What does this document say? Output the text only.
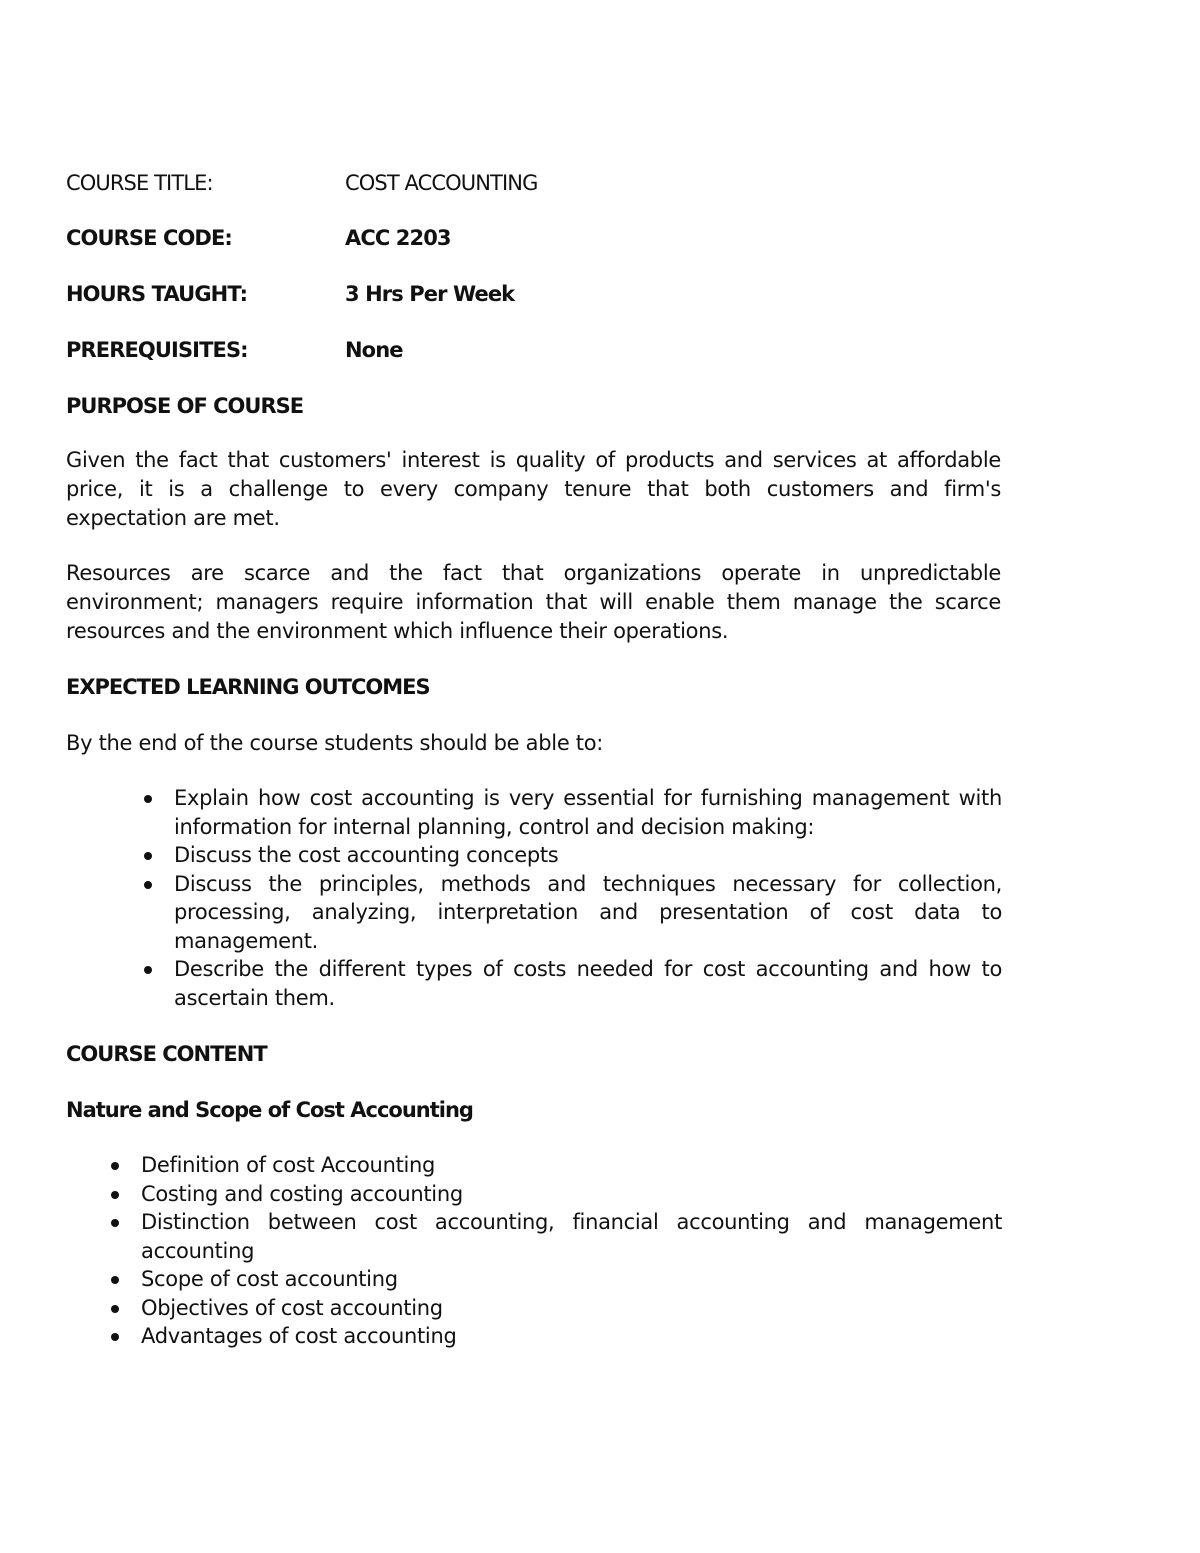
COURSE TITLE:	COST ACCOUNTING
COURSE CODE:	ACC 2203
HOURS TAUGHT:	3 Hrs Per Week
PREREQUISITES:	None
PURPOSE OF COURSE
Given the fact that customers' interest is quality of products and services at affordable price, it is a challenge to every company tenure that both customers and firm's expectation are met.
Resources are scarce and the fact that organizations operate in unpredictable environment; managers require information that will enable them manage the scarce resources and the environment which influence their operations.
EXPECTED LEARNING OUTCOMES
By the end of the course students should be able to:
Explain how cost accounting is very essential for furnishing management with information for internal planning, control and decision making:
Discuss the cost accounting concepts
Discuss the principles, methods and techniques necessary for collection, processing, analyzing, interpretation and presentation of cost data to management.
Describe the different types of costs needed for cost accounting and how to ascertain them.
COURSE CONTENT
Nature and Scope of Cost Accounting
Definition of cost Accounting
Costing and costing accounting
Distinction between cost accounting, financial accounting and management accounting
Scope of cost accounting
Objectives of cost accounting
Advantages of cost accounting
